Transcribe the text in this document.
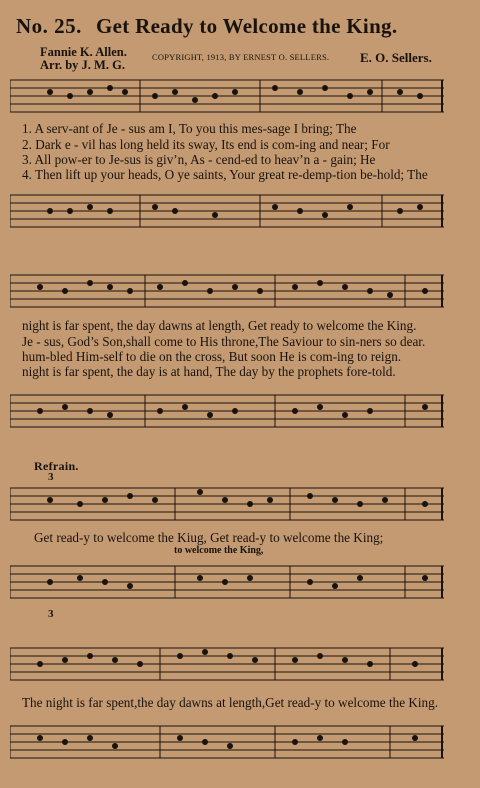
No. 25. Get Ready to Welcome the King.
Fannie K. Allen.
Arr. by J. M. G.
COPYRIGHT, 1913, BY ERNEST O. SELLERS. E. O. Sellers.
1. A serv-ant of Je - sus am I, To you this mes-sage I bring; The
2. Dark e - vil has long held its sway, Its end is com-ing and near; For
3. All pow-er to Je-sus is giv’n, As - cend-ed to heav’n a - gain; He
4. Then lift up your heads, O ye saints, Your great re-demp-tion be-hold; The
night is far spent, the day dawns at length, Get ready to welcome the King.
Je - sus, God’s Son,shall come to His throne,The Saviour to sin-ners so dear.
hum-bled Him-self to die on the cross, But soon He is com-ing to reign.
night is far spent, the day is at hand, The day by the prophets fore-told.
Refrain.
3
Get read-y to welcome the Kiug, Get read-y to welcome the King;
to welcome the King,
3
The night is far spent,the day dawns at length,Get read-y to welcome the King.
